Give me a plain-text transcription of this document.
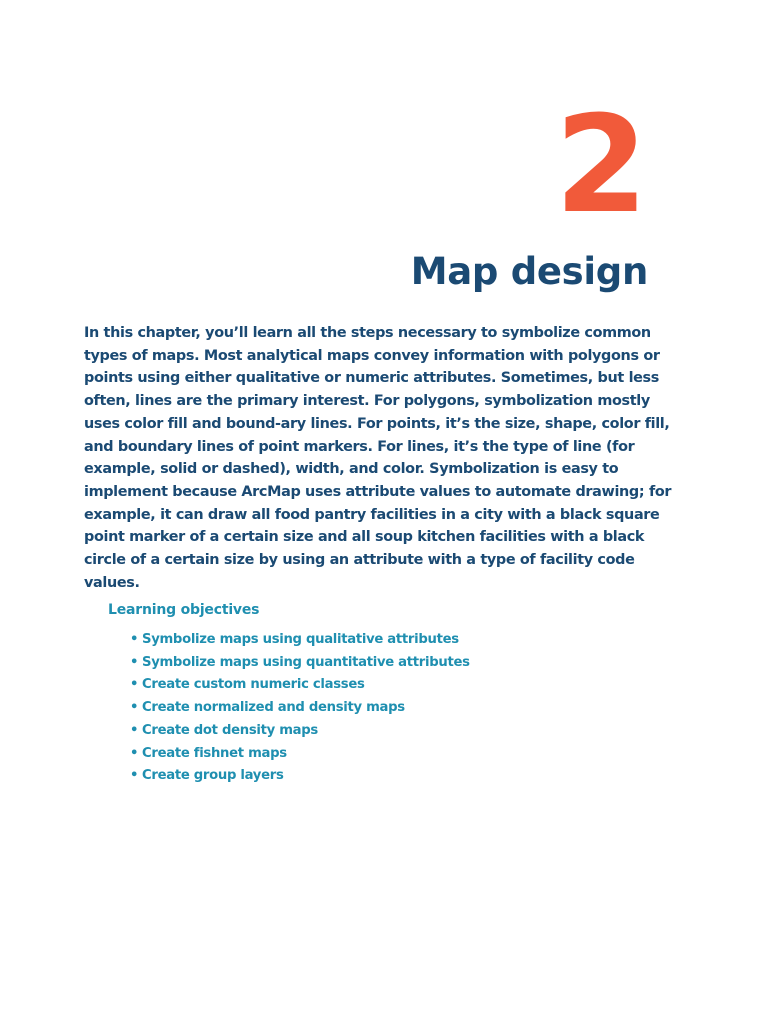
2
Map design

In this chapter, you’ll learn all the steps necessary to symbolize common types of maps. Most analytical maps convey information with polygons or points using either qualitative or numeric attributes. Sometimes, but less often, lines are the primary interest. For polygons, symbolization mostly uses color fill and bound-ary lines. For points, it’s the size, shape, color fill, and boundary lines of point markers. For lines, it’s the type of line (for example, solid or dashed), width, and color. Symbolization is easy to implement because ArcMap uses attribute values to automate drawing; for example, it can draw all food pantry facilities in a city with a black square point marker of a certain size and all soup kitchen facilities with a black circle of a certain size by using an attribute with a type of facility code values.

Learning objectives
• Symbolize maps using qualitative attributes
• Symbolize maps using quantitative attributes
• Create custom numeric classes
• Create normalized and density maps
• Create dot density maps
• Create fishnet maps
• Create group layers
